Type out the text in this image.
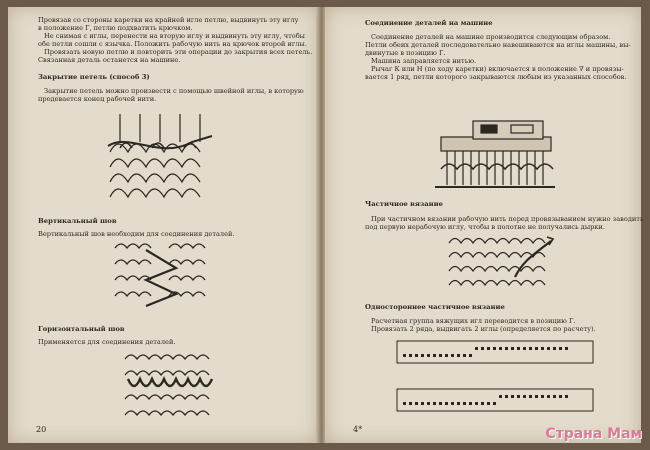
Провязав со стороны каретки на крайней игле петлю, выдвинуть эту иглу
в положение Г, петлю подхватить крючком.
Не снимая с иглы, перенести на вторую иглу и выдвинуть эту иглу, чтобы
обе петли сошли с язычка. Положить рабочую нить на крючок второй иглы.
Провязать новую петлю и повторить эти операции до закрытия всех петель.
Связанная деталь останется на машине.
Закрытие петель (способ 3)
Закрытие петель можно произвести с помощью швейной иглы, в которую
продевается конец рабочей нити.
Вертикальный шов
Вертикальный шов необходим для соединения деталей.
Горизонтальный шов
Применяется для соединения деталей.
20
Соединение деталей на машине
Соединение деталей на машине производится следующим образом.
Петли обеих деталей последовательно навешиваются на иглы машины, вы-
двинутые в позицию Г.
Машина заправляется нитью.
Рычаг К или Н (по ходу каретки) включается в положение ∇ и провязы-
вается 1 ряд, петли которого закрываются любым из указанных способов.
Частичное вязание
При частичном вязании рабочую нить перед провязыванием нужно заводить
под первую нерабочую иглу, чтобы в полотне не получались дырки.
Одностороннее частичное вязание
Расчетная группа вяжущих игл переводится в позицию Г.
Провязать 2 ряда, выдвигать 2 иглы (определяется по расчету).
4*	Страна Мам
